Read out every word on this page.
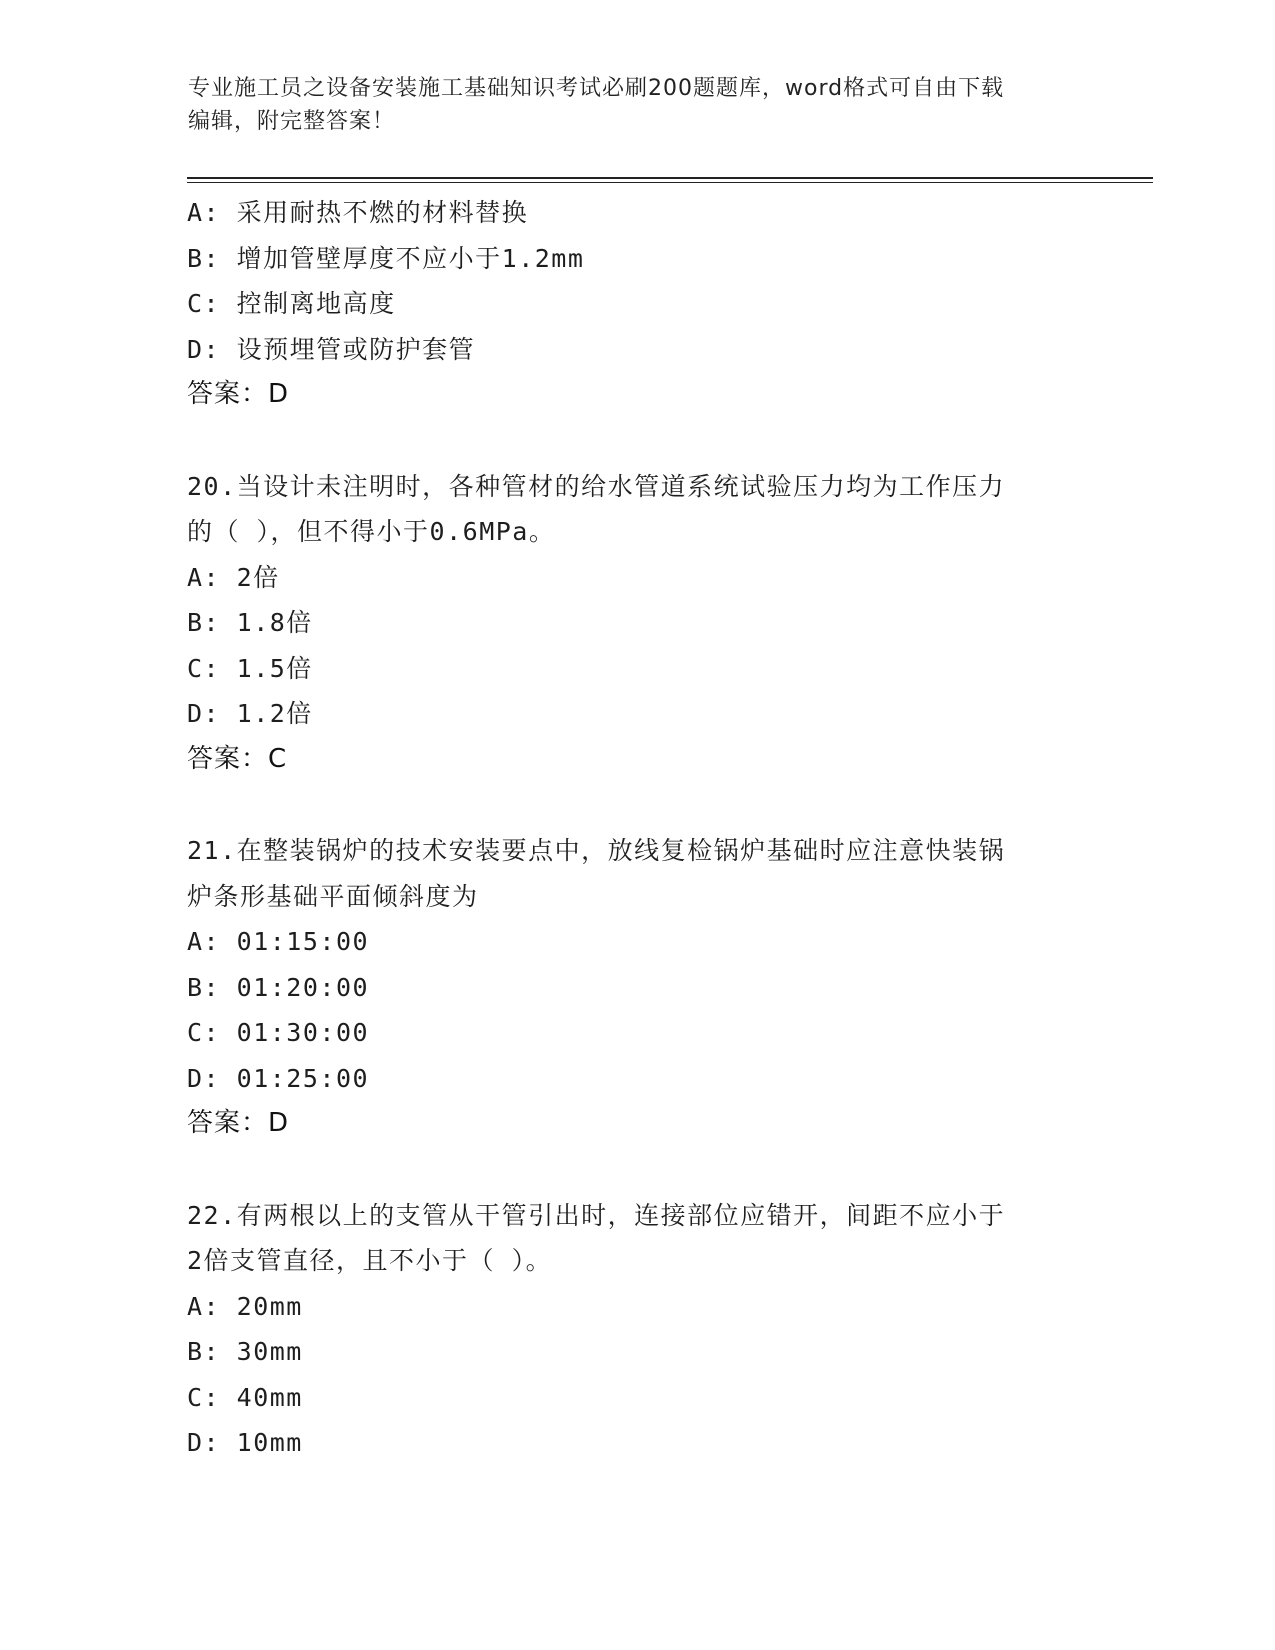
专业施工员之设备安装施工基础知识考试必刷200题题库，word格式可自由下载
编辑，附完整答案！
A: 采用耐热不燃的材料替换
B: 增加管壁厚度不应小于1.2mm
C: 控制离地高度
D: 设预埋管或防护套管
答案：D
20.当设计未注明时，各种管材的给水管道系统试验压力均为工作压力
的（ ），但不得小于0.6MPa。
A: 2倍
B: 1.8倍
C: 1.5倍
D: 1.2倍
答案：C
21.在整装锅炉的技术安装要点中，放线复检锅炉基础时应注意快装锅
炉条形基础平面倾斜度为
A: 01:15:00
B: 01:20:00
C: 01:30:00
D: 01:25:00
答案：D
22.有两根以上的支管从干管引出时，连接部位应错开，间距不应小于
2倍支管直径，且不小于（ ）。
A: 20mm
B: 30mm
C: 40mm
D: 10mm
